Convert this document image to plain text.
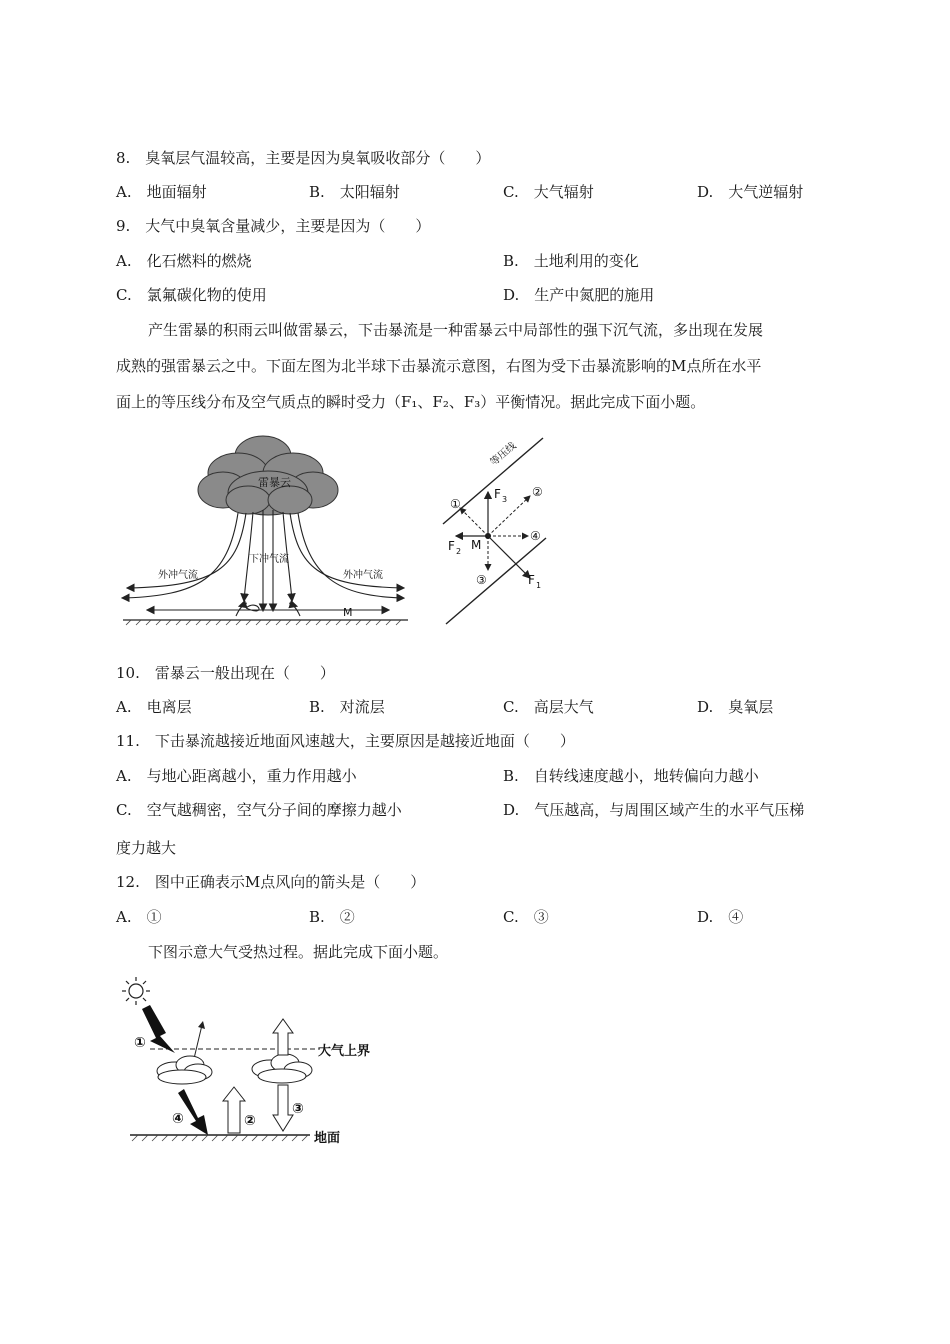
8.　臭氧层气温较高，主要是因为臭氧吸收部分（　　）
A.　地面辐射	B.　太阳辐射	C.　大气辐射	D.　大气逆辐射
9.　大气中臭氧含量减少，主要是因为（　　）
A.　化石燃料的燃烧	B.　土地利用的变化
C.　氯氟碳化物的使用	D.　生产中氮肥的施用
产生雷暴的积雨云叫做雷暴云，下击暴流是一种雷暴云中局部性的强下沉气流，多出现在发展
成熟的强雷暴云之中。下面左图为北半球下击暴流示意图，右图为受下击暴流影响的M点所在水平
面上的等压线分布及空气质点的瞬时受力（F₁、F₂、F₃）平衡情况。据此完成下面小题。
雷暴云
外冲气流	外冲气流
下冲气流
M
等压线
①
②
③
④
F 3
F 2 M
F 1
10.　雷暴云一般出现在（　　）
A.　电离层	B.　对流层	C.　高层大气	D.　臭氧层
11.　下击暴流越接近地面风速越大，主要原因是越接近地面（　　）
A.　与地心距离越小，重力作用越小	B.　自转线速度越小，地转偏向力越小
C.　空气越稠密，空气分子间的摩擦力越小	D.　气压越高，与周围区域产生的水平气压梯
度力越大
12.　图中正确表示M点风向的箭头是（　　）
A.　①	B.　②	C.　③	D.　④
下图示意大气受热过程。据此完成下面小题。
大气上界
①
④	②
③
地面
